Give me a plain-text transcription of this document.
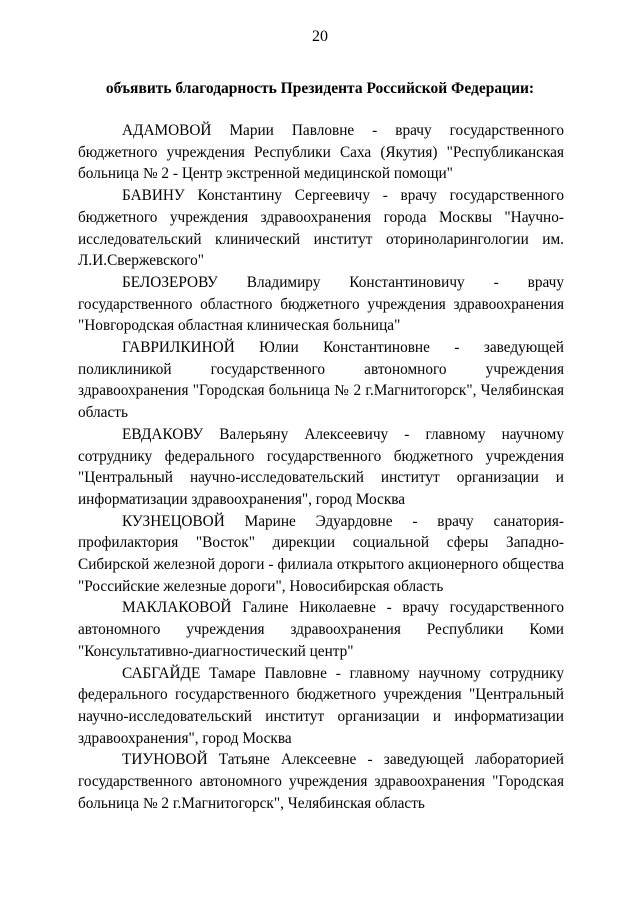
20
объявить благодарность Президента Российской Федерации:

АДАМОВОЙ Марии Павловне - врачу государственного бюджетного учреждения Республики Саха (Якутия) "Республиканская больница № 2 - Центр экстренной медицинской помощи"

БАВИНУ Константину Сергеевичу - врачу государственного бюджетного учреждения здравоохранения города Москвы "Научно-исследовательский клинический институт оториноларингологии им. Л.И.Свержевского"

БЕЛОЗЕРОВУ Владимиру Константиновичу - врачу государственного областного бюджетного учреждения здравоохранения "Новгородская областная клиническая больница"

ГАВРИЛКИНОЙ Юлии Константиновне - заведующей поликлиникой государственного автономного учреждения здравоохранения "Городская больница № 2 г.Магнитогорск", Челябинская область

ЕВДАКОВУ Валерьяну Алексеевичу - главному научному сотруднику федерального государственного бюджетного учреждения "Центральный научно-исследовательский институт организации и информатизации здравоохранения", город Москва

КУЗНЕЦОВОЙ Марине Эдуардовне - врачу санатория-профилактория "Восток" дирекции социальной сферы Западно-Сибирской железной дороги - филиала открытого акционерного общества "Российские железные дороги", Новосибирская область

МАКЛАКОВОЙ Галине Николаевне - врачу государственного автономного учреждения здравоохранения Республики Коми "Консультативно-диагностический центр"

САБГАЙДЕ Тамаре Павловне - главному научному сотруднику федерального государственного бюджетного учреждения "Центральный научно-исследовательский институт организации и информатизации здравоохранения", город Москва

ТИУНОВОЙ Татьяне Алексеевне - заведующей лабораторией государственного автономного учреждения здравоохранения "Городская больница № 2 г.Магнитогорск", Челябинская область
